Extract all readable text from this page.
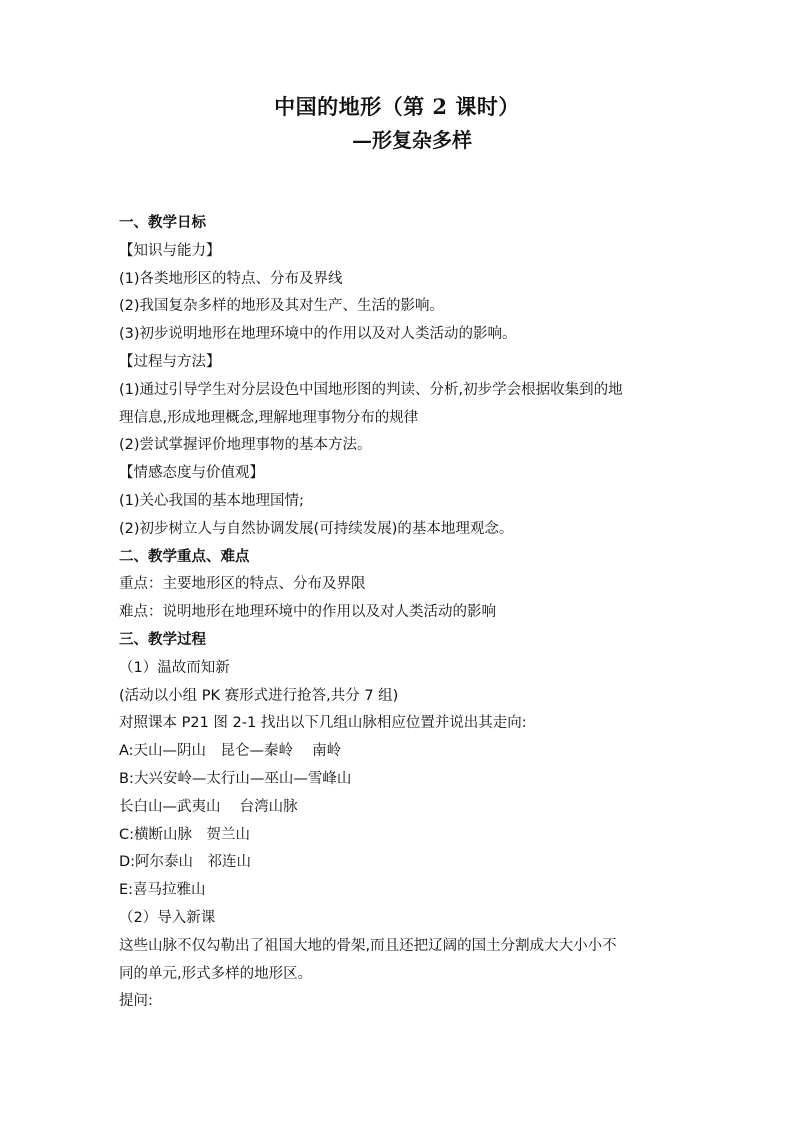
中国的地形（第 2 课时）
—形复杂多样
一、教学日标
【知识与能力】
(1)各类地形区的特点、分布及界线
(2)我国复杂多样的地形及其对生产、生活的影响。
(3)初步说明地形在地理环境中的作用以及对人类活动的影响。
【过程与方法】
(1)通过引导学生对分层设色中国地形图的判读、分析,初步学会根据收集到的地
理信息,形成地理概念,理解地理事物分布的规律
(2)尝试掌握评价地理事物的基本方法。
【情感态度与价值观】
(1)关心我国的基本地理国情;
(2)初步树立人与自然协调发展(可持续发展)的基本地理观念。
二、教学重点、难点
重点：主要地形区的特点、分布及界限
难点：说明地形在地理环境中的作用以及对人类活动的影响
三、教学过程
（1）温故而知新
(活动以小组 PK 赛形式进行抢答,共分 7 组)
对照课本 P21 图 2-1 找出以下几组山脉相应位置并说出其走向:
A:天山—阴山　昆仑—秦岭　 南岭
B:大兴安岭—太行山—巫山—雪峰山
长白山—武夷山　 台湾山脉
C:横断山脉　贺兰山
D:阿尔泰山　祁连山
E:喜马拉雅山
（2）导入新课
这些山脉不仅勾勒出了祖国大地的骨架,而且还把辽阔的国土分割成大大小小不
同的单元,形式多样的地形区。
提问:
